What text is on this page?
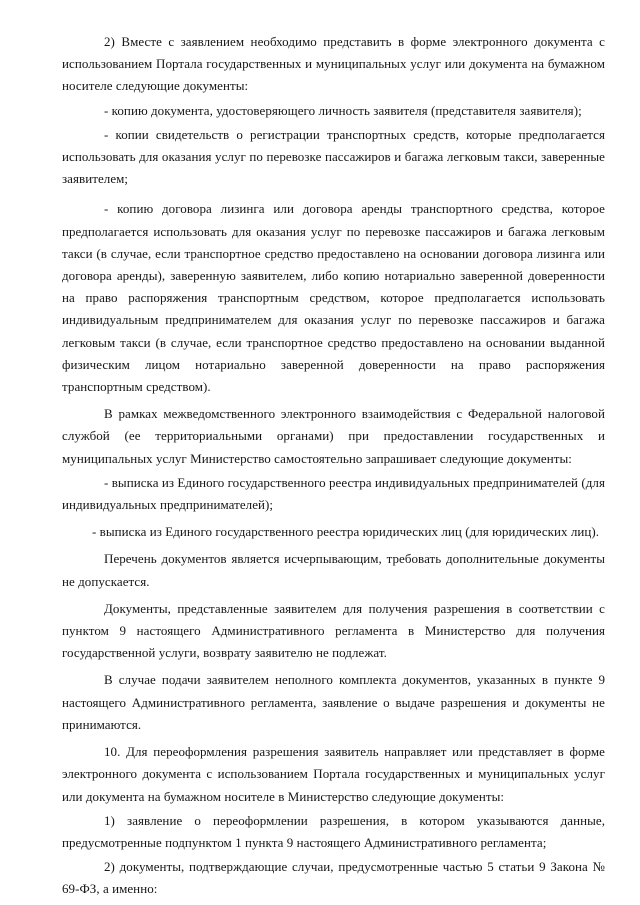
2) Вместе с заявлением необходимо представить в форме электронного документа с использованием Портала государственных и муниципальных услуг или документа на бумажном носителе следующие документы:

- копию документа, удостоверяющего личность заявителя (представителя заявителя);

- копии свидетельств о регистрации транспортных средств, которые предполагается использовать для оказания услуг по перевозке пассажиров и багажа легковым такси, заверенные заявителем;

- копию договора лизинга или договора аренды транспортного средства, которое предполагается использовать для оказания услуг по перевозке пассажиров и багажа легковым такси (в случае, если транспортное средство предоставлено на основании договора лизинга или договора аренды), заверенную заявителем, либо копию нотариально заверенной доверенности на право распоряжения транспортным средством, которое предполагается использовать индивидуальным предпринимателем для оказания услуг по перевозке пассажиров и багажа легковым такси (в случае, если транспортное средство предоставлено на основании выданной физическим лицом нотариально заверенной доверенности на право распоряжения транспортным средством).

В рамках межведомственного электронного взаимодействия с Федеральной налоговой службой (ее территориальными органами) при предоставлении государственных и муниципальных услуг Министерство самостоятельно запрашивает следующие документы:

- выписка из Единого государственного реестра индивидуальных предпринимателей (для индивидуальных предпринимателей);

- выписка из Единого государственного реестра юридических лиц (для юридических лиц).

Перечень документов является исчерпывающим, требовать дополнительные документы не допускается.

Документы, представленные заявителем для получения разрешения в соответствии с пунктом 9 настоящего Административного регламента в Министерство для получения государственной услуги, возврату заявителю не подлежат.

В случае подачи заявителем неполного комплекта документов, указанных в пункте 9 настоящего Административного регламента, заявление о выдаче разрешения и документы не принимаются.

10. Для переоформления разрешения заявитель направляет или представляет в форме электронного документа с использованием Портала государственных и муниципальных услуг или документа на бумажном носителе в Министерство следующие документы:

1) заявление о переоформлении разрешения, в котором указываются данные, предусмотренные подпунктом 1 пункта 9 настоящего Административного регламента;

2) документы, подтверждающие случаи, предусмотренные частью 5 статьи 9 Закона № 69-ФЗ, а именно:
